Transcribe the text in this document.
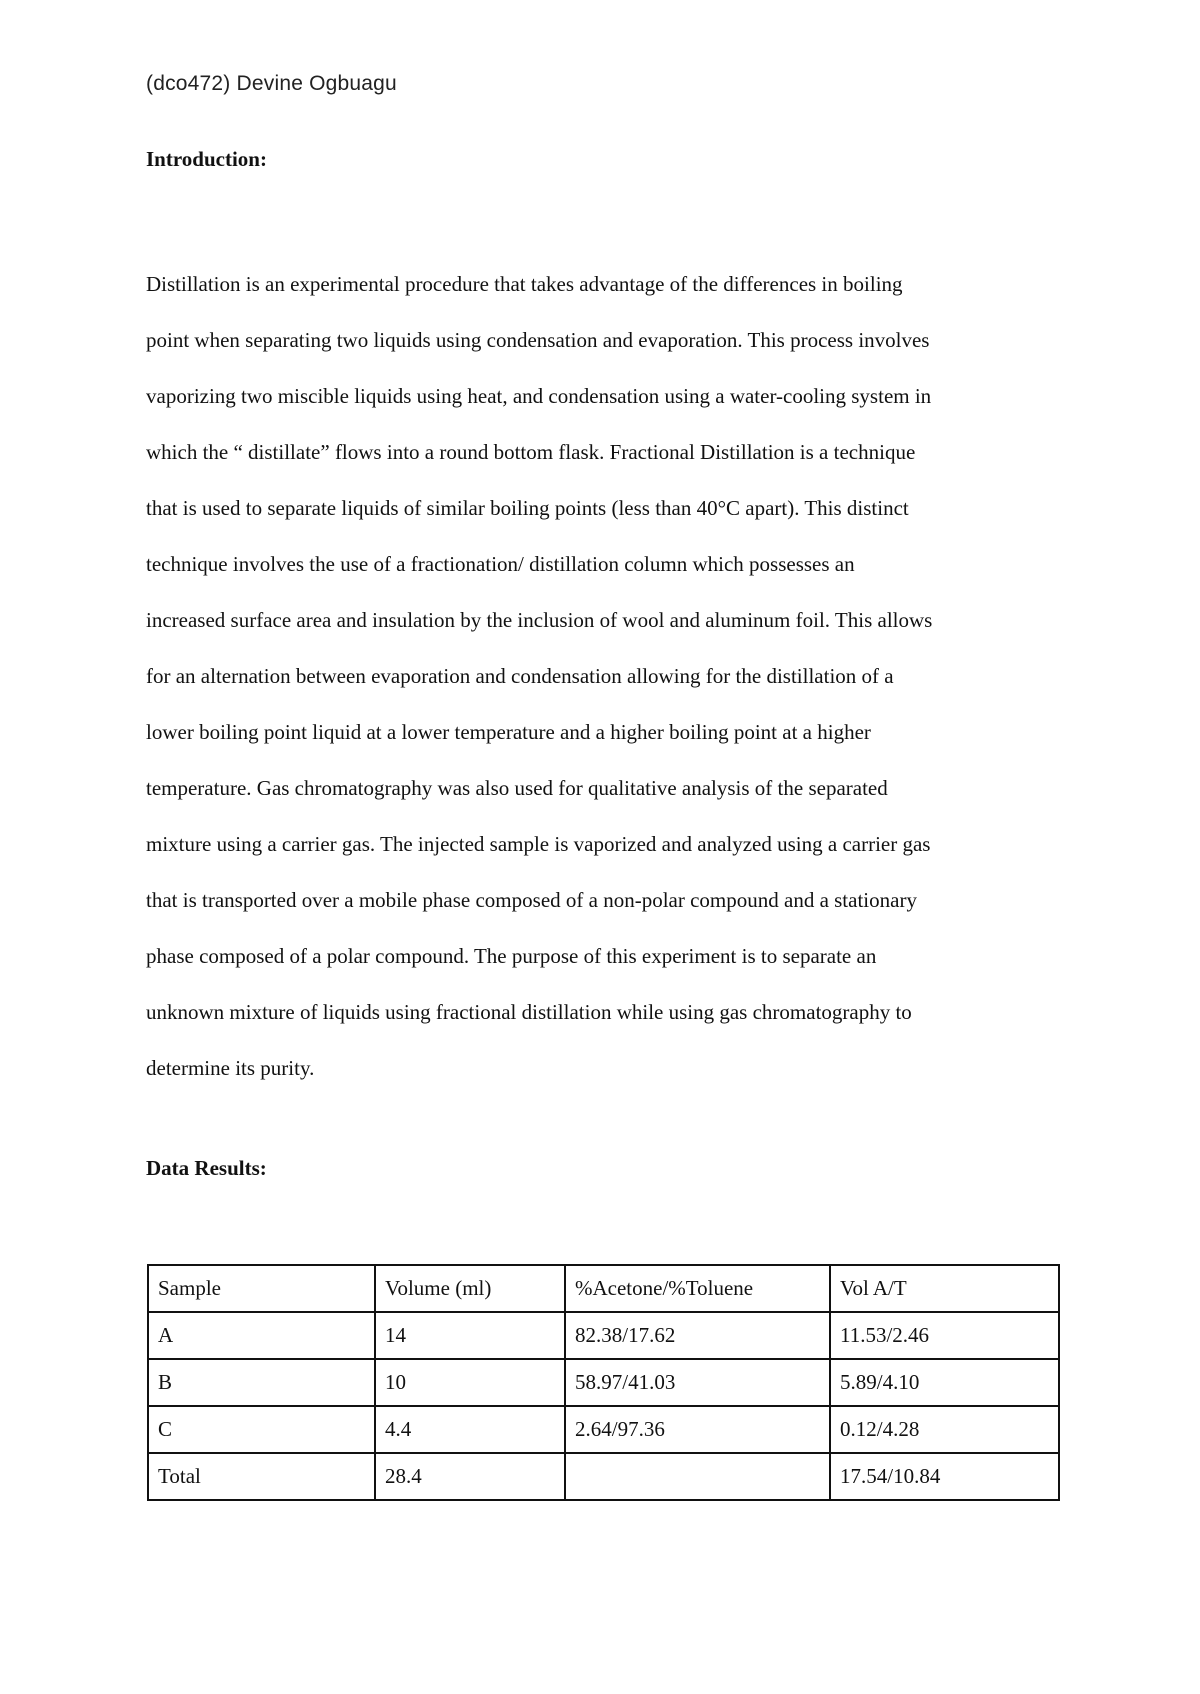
(dco472) Devine Ogbuagu
Introduction:
Distillation is an experimental procedure that takes advantage of the differences in boiling
point when separating two liquids using condensation and evaporation. This process involves
vaporizing two miscible liquids using heat, and condensation using a water-cooling system in
which the “ distillate” flows into a round bottom flask. Fractional Distillation is a technique
that is used to separate liquids of similar boiling points (less than 40°C apart). This distinct
technique involves the use of a fractionation/ distillation column which possesses an
increased surface area and insulation by the inclusion of wool and aluminum foil. This allows
for an alternation between evaporation and condensation allowing for the distillation of a
lower boiling point liquid at a lower temperature and a higher boiling point at a higher
temperature. Gas chromatography was also used for qualitative analysis of the separated
mixture using a carrier gas. The injected sample is vaporized and analyzed using a carrier gas
that is transported over a mobile phase composed of a non-polar compound and a stationary
phase composed of a polar compound. The purpose of this experiment is to separate an
unknown mixture of liquids using fractional distillation while using gas chromatography to
determine its purity.
Data Results:
Sample	Volume (ml)	%Acetone/%Toluene	Vol A/T
A	14	82.38/17.62	11.53/2.46
B	10	58.97/41.03	5.89/4.10
C	4.4	2.64/97.36	0.12/4.28
Total	28.4		17.54/10.84
